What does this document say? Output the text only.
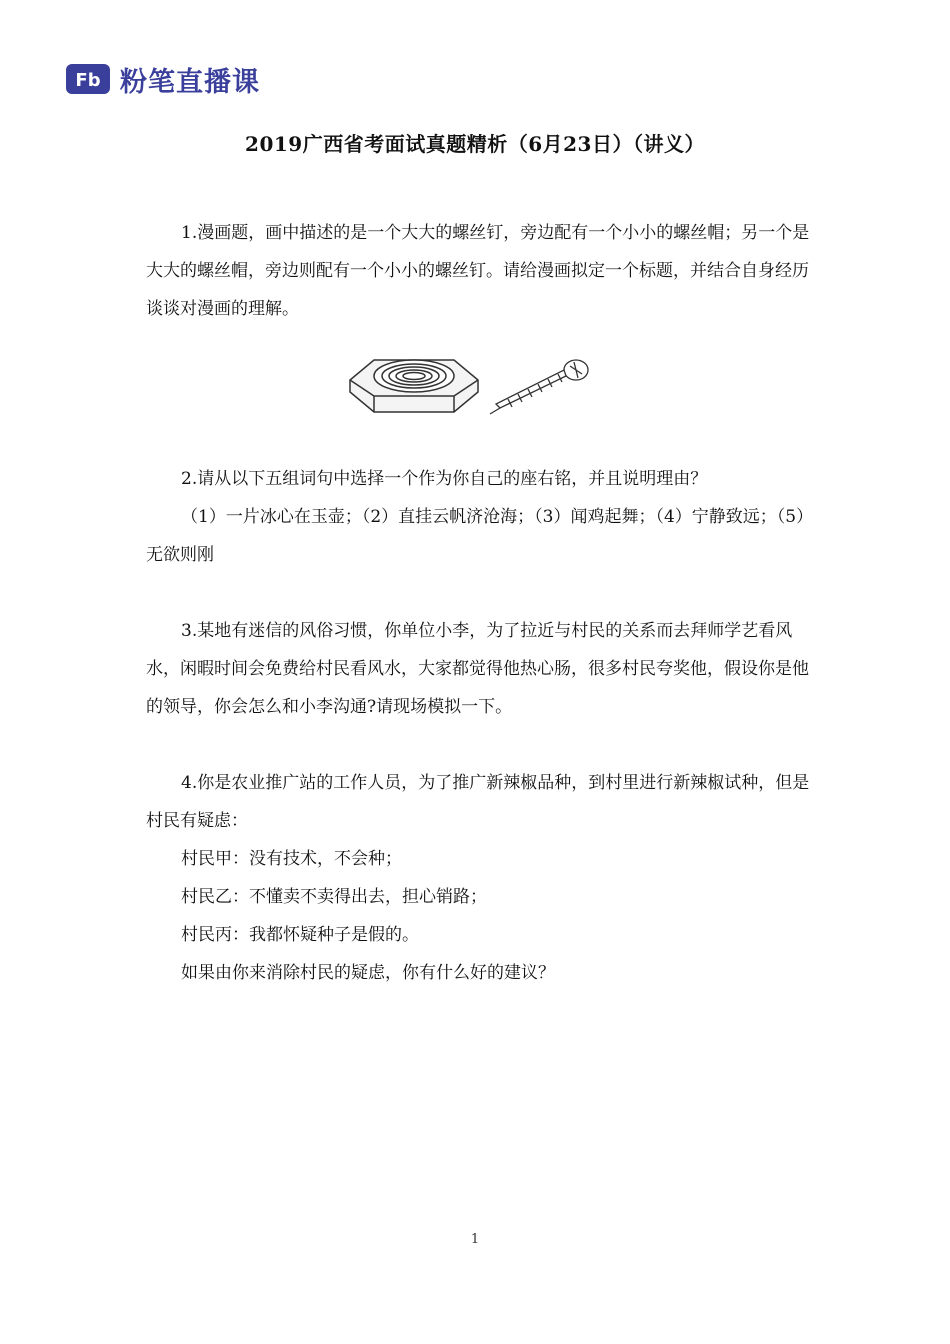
Fb 粉笔直播课
2019广西省考面试真题精析（6月23日）（讲义）

1.漫画题，画中描述的是一个大大的螺丝钉，旁边配有一个小小的螺丝帽；另一个是大大的螺丝帽，旁边则配有一个小小的螺丝钉。请给漫画拟定一个标题，并结合自身经历谈谈对漫画的理解。

2.请从以下五组词句中选择一个作为你自己的座右铭，并且说明理由？

（1）一片冰心在玉壶；（2）直挂云帆济沧海；（3）闻鸡起舞；（4）宁静致远；（5）无欲则刚

3.某地有迷信的风俗习惯，你单位小李，为了拉近与村民的关系而去拜师学艺看风水，闲暇时间会免费给村民看风水，大家都觉得他热心肠，很多村民夸奖他，假设你是他的领导，你会怎么和小李沟通?请现场模拟一下。

4.你是农业推广站的工作人员，为了推广新辣椒品种，到村里进行新辣椒试种，但是村民有疑虑：

村民甲：没有技术，不会种；

村民乙：不懂卖不卖得出去，担心销路；

村民丙：我都怀疑种子是假的。

如果由你来消除村民的疑虑，你有什么好的建议？

1
